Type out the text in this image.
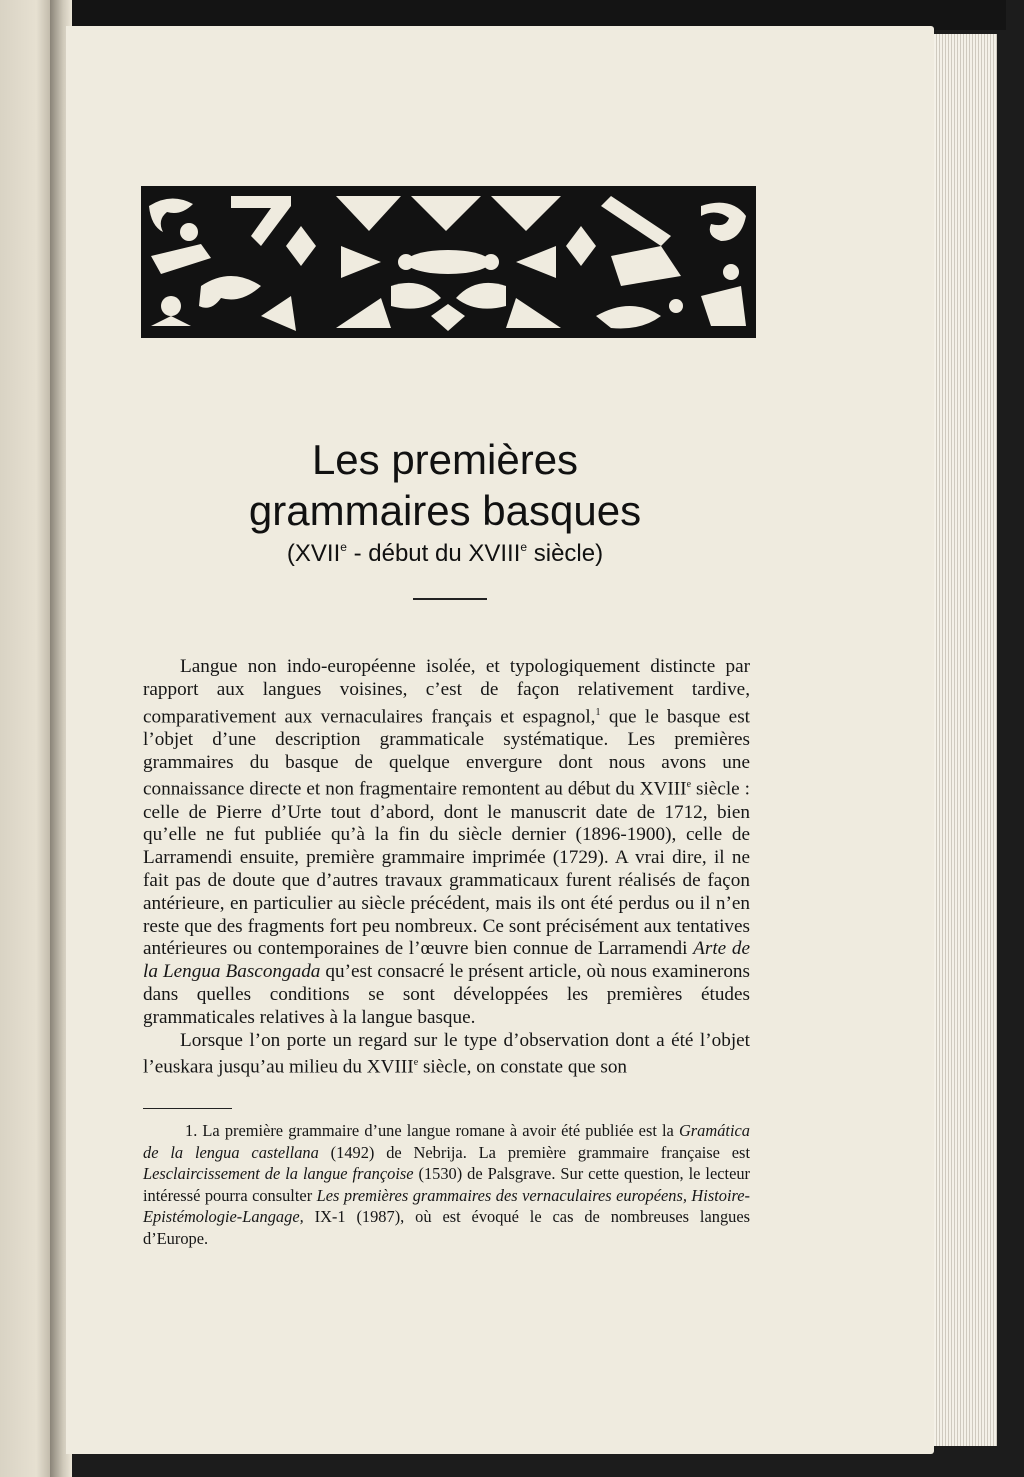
Les premières
grammaires basques
(XVIIe - début du XVIIIe siècle)

Langue non indo-européenne isolée, et typologiquement distincte par rapport aux langues voisines, c’est de façon relativement tardive, comparativement aux vernaculaires français et espagnol,$^1$ que le basque est l’objet d’une description grammaticale systématique. Les premières grammaires du basque de quelque envergure dont nous avons une connaissance directe et non fragmentaire remontent au début du XVIIIe siècle : celle de Pierre d’Urte tout d’abord, dont le manuscrit date de 1712, bien qu’elle ne fut publiée qu’à la fin du siècle dernier (1896-1900), celle de Larramendi ensuite, première grammaire imprimée (1729). A vrai dire, il ne fait pas de doute que d’autres travaux grammaticaux furent réalisés de façon antérieure, en particulier au siècle précédent, mais ils ont été perdus ou il n’en reste que des fragments fort peu nombreux. Ce sont précisément aux tentatives antérieures ou contemporaines de l’œuvre bien connue de Larramendi Arte de la Lengua Bascongada qu’est consacré le présent article, où nous examinerons dans quelles conditions se sont développées les premières études grammaticales relatives à la langue basque.

Lorsque l’on porte un regard sur le type d’observation dont a été l’objet l’euskara jusqu’au milieu du XVIIIe siècle, on constate que son

1. La première grammaire d’une langue romane à avoir été publiée est la Gramática de la lengua castellana (1492) de Nebrija. La première grammaire française est Lesclaircissement de la langue françoise (1530) de Palsgrave. Sur cette question, le lecteur intéressé pourra consulter Les premières grammaires des vernaculaires européens, Histoire-Epistémologie-Langage, IX-1 (1987), où est évoqué le cas de nombreuses langues d’Europe.
